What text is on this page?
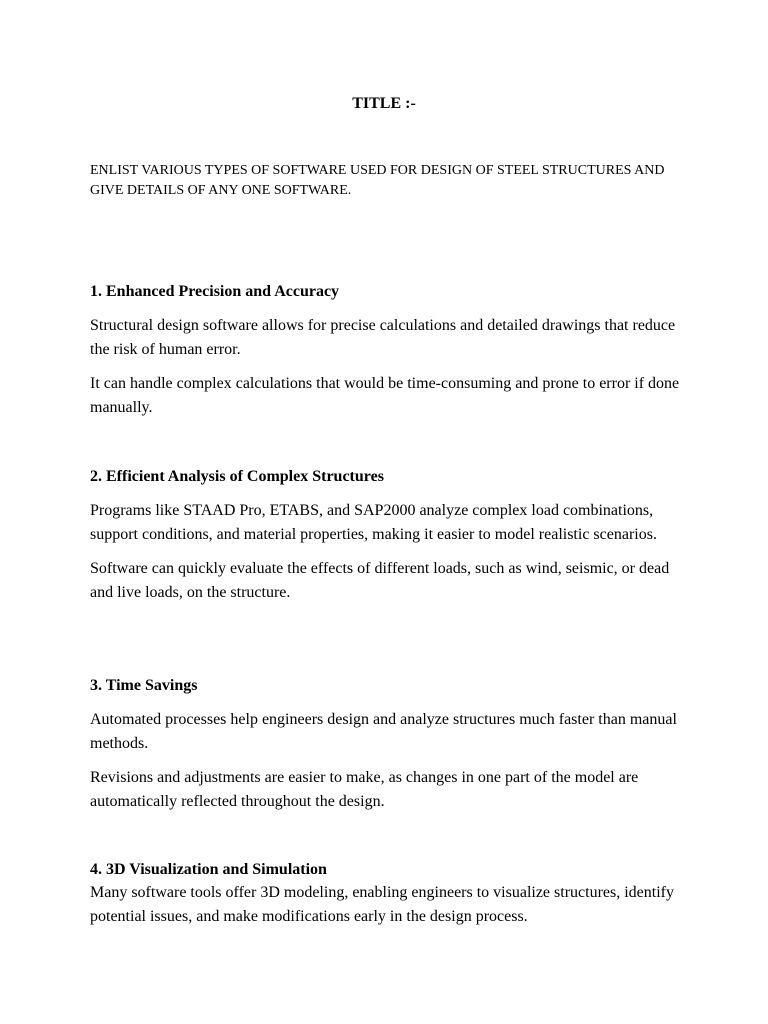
TITLE :-
ENLIST VARIOUS TYPES OF SOFTWARE USED FOR DESIGN OF STEEL STRUCTURES AND GIVE DETAILS OF ANY ONE SOFTWARE.

1. Enhanced Precision and Accuracy

Structural design software allows for precise calculations and detailed drawings that reduce the risk of human error.

It can handle complex calculations that would be time-consuming and prone to error if done manually.

2. Efficient Analysis of Complex Structures

Programs like STAAD Pro, ETABS, and SAP2000 analyze complex load combinations, support conditions, and material properties, making it easier to model realistic scenarios.

Software can quickly evaluate the effects of different loads, such as wind, seismic, or dead and live loads, on the structure.

3. Time Savings

Automated processes help engineers design and analyze structures much faster than manual methods.

Revisions and adjustments are easier to make, as changes in one part of the model are automatically reflected throughout the design.

4. 3D Visualization and Simulation

Many software tools offer 3D modeling, enabling engineers to visualize structures, identify potential issues, and make modifications early in the design process.
